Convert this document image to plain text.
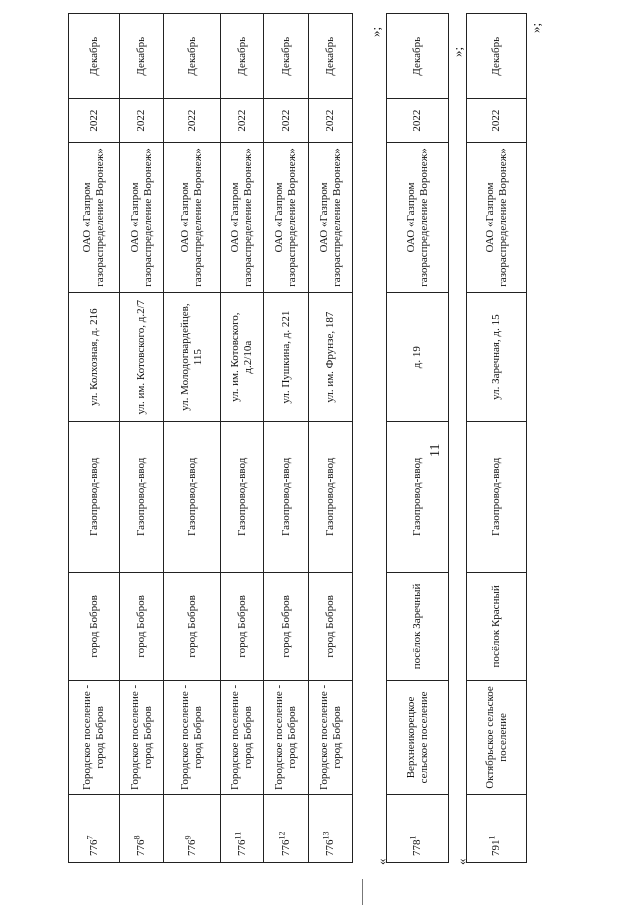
11
$776^7$	Городское поселение - город Бобров	город Бобров	Газопровод-ввод	ул. Колхозная, д. 216	ОАО «Газпром газораспределение Воронеж»	2022	Декабрь
$776^8$	Городское поселение - город Бобров	город Бобров	Газопровод-ввод	ул. им. Котовского, д.2/7	ОАО «Газпром газораспределение Воронеж»	2022	Декабрь
$776^9$	Городское поселение - город Бобров	город Бобров	Газопровод-ввод	ул. Молодогвардейцев, 115	ОАО «Газпром газораспределение Воронеж»	2022	Декабрь
$776^{11}$	Городское поселение - город Бобров	город Бобров	Газопровод-ввод	ул. им. Котовского, д.2/10а	ОАО «Газпром газораспределение Воронеж»	2022	Декабрь
$776^{12}$	Городское поселение - город Бобров	город Бобров	Газопровод-ввод	ул. Пушкина, д. 221	ОАО «Газпром газораспределение Воронеж»	2022	Декабрь
$776^{13}$	Городское поселение - город Бобров	город Бобров	Газопровод-ввод	ул. им. Фрунзе, 187	ОАО «Газпром газораспределение Воронеж»	2022	Декабрь
»;
«
$778^1$	Верхнеикорецкое сельское поселение	посёлок Заречный	Газопровод-ввод	д. 19	ОАО «Газпром газораспределение Воронеж»	2022	Декабрь »;
«
$791^1$	Октябрьское сельское поселение	посёлок Красный	Газопровод-ввод	ул. Заречная, д. 15	ОАО «Газпром газораспределение Воронеж»	2022	Декабрь
»;
